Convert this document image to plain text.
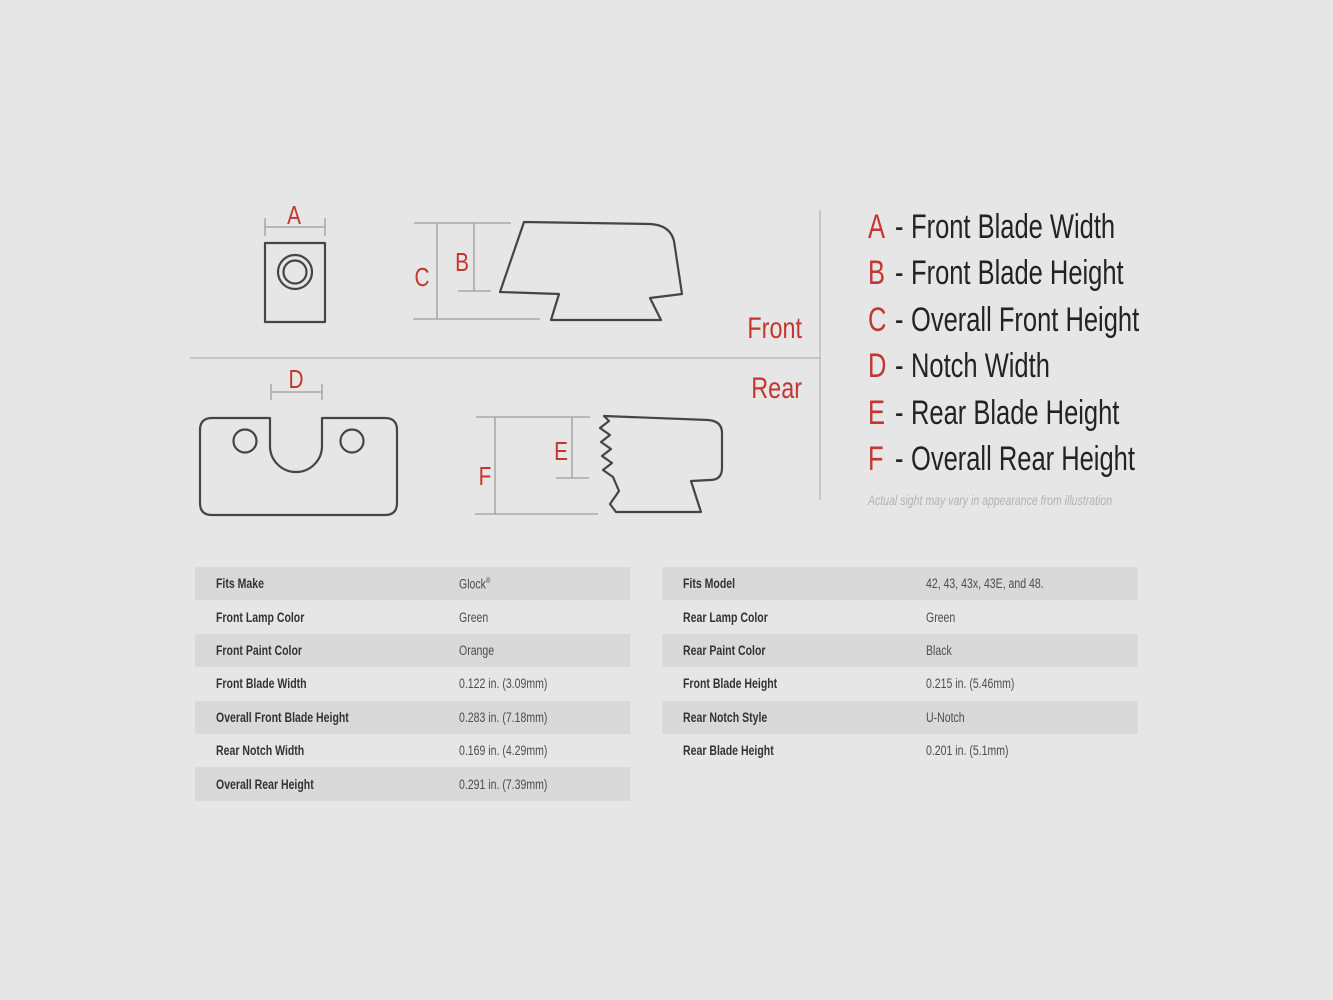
A
B
C
D
E
F
Front
Rear
A - Front Blade Width
B - Front Blade Height
C - Overall Front Height
D - Notch Width
E - Rear Blade Height
F - Overall Rear Height
Actual sight may vary in appearance from illustration
Fits Make	Glock®
Front Lamp Color	Green
Front Paint Color	Orange
Front Blade Width	0.122 in. (3.09mm)
Overall Front Blade Height	0.283 in. (7.18mm)
Rear Notch Width	0.169 in. (4.29mm)
Overall Rear Height	0.291 in. (7.39mm)
Fits Model	42, 43, 43x, 43E, and 48.
Rear Lamp Color	Green
Rear Paint Color	Black
Front Blade Height	0.215 in. (5.46mm)
Rear Notch Style	U-Notch
Rear Blade Height	0.201 in. (5.1mm)
